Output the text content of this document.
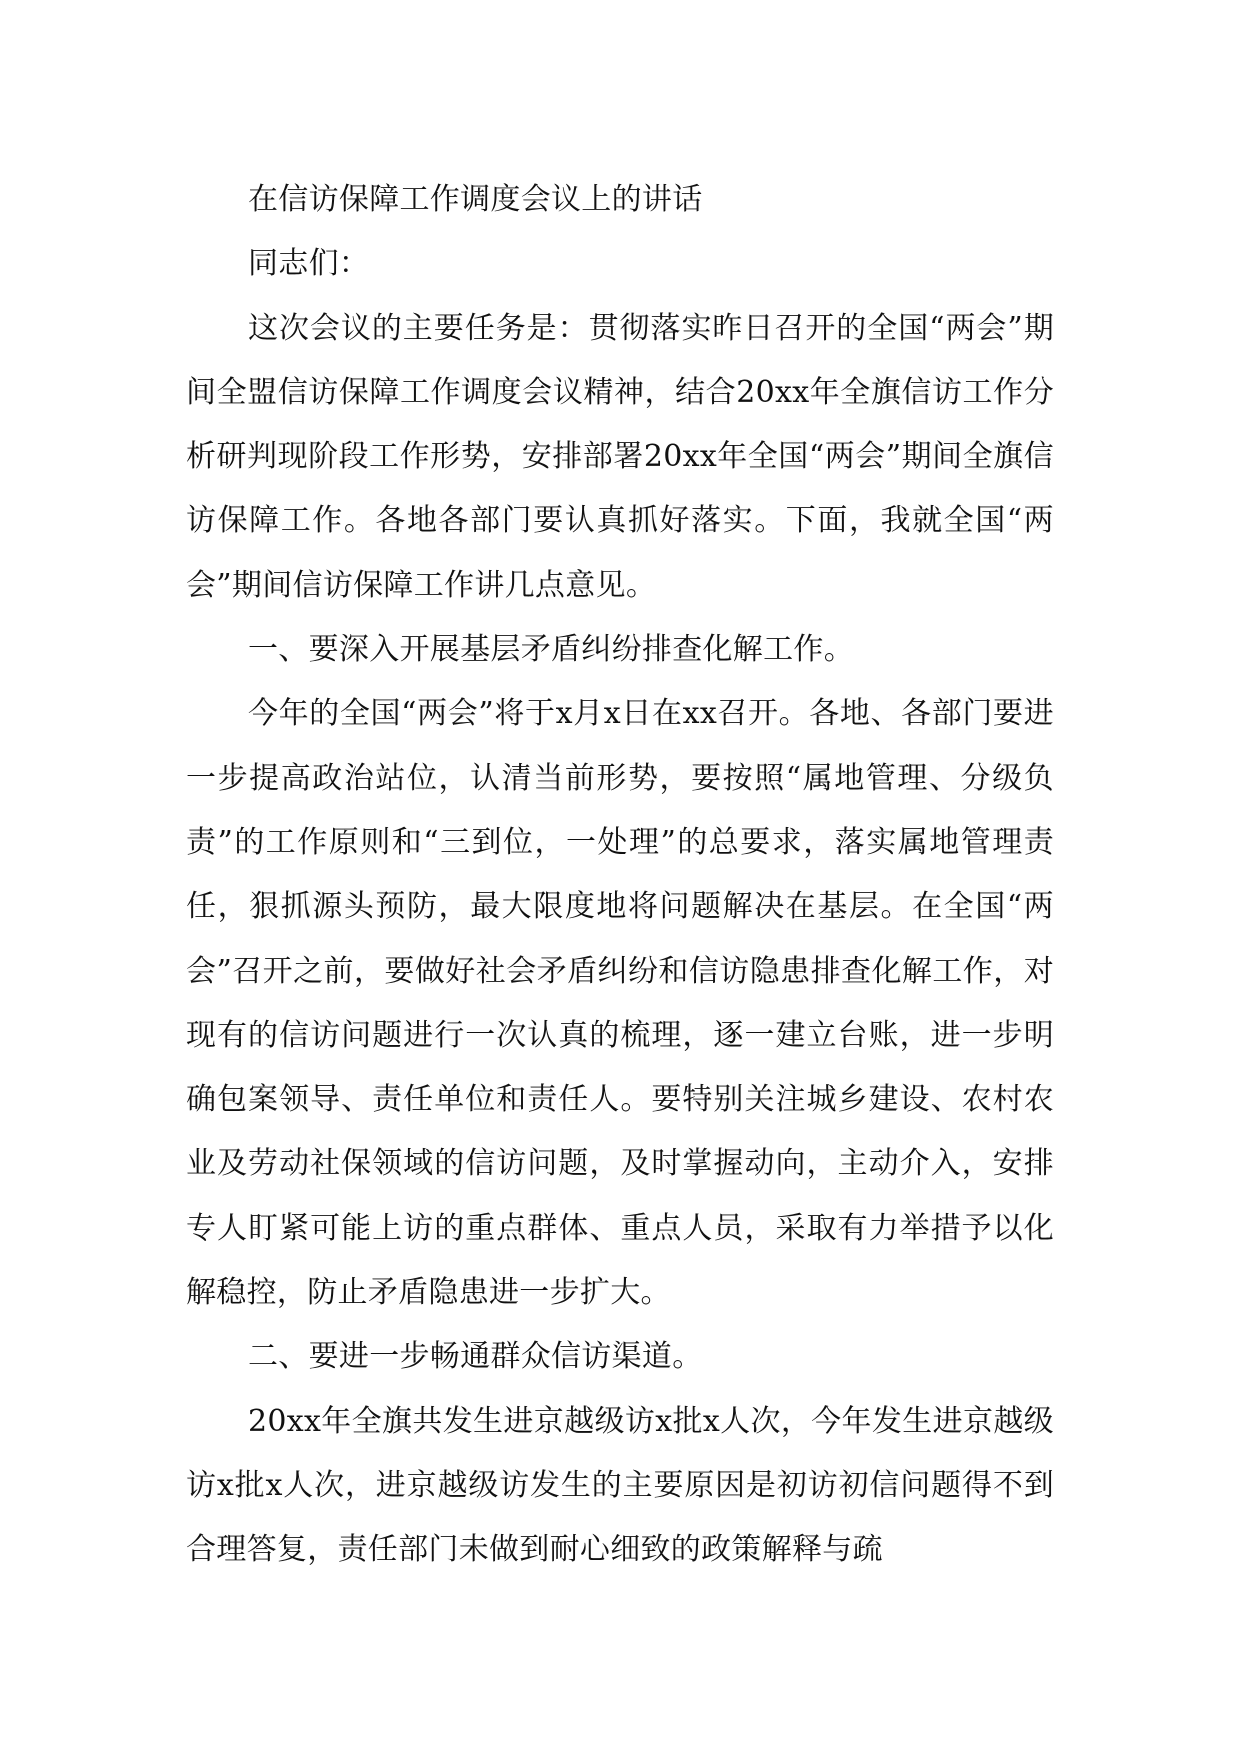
在信访保障工作调度会议上的讲话

同志们：

这次会议的主要任务是：贯彻落实昨日召开的全国“两会”期间全盟信访保障工作调度会议精神，结合20xx年全旗信访工作分析研判现阶段工作形势，安排部署20xx年全国“两会”期间全旗信访保障工作。各地各部门要认真抓好落实。下面，我就全国“两会”期间信访保障工作讲几点意见。

一、要深入开展基层矛盾纠纷排查化解工作。

今年的全国“两会”将于x月x日在xx召开。各地、各部门要进一步提高政治站位，认清当前形势，要按照“属地管理、分级负责”的工作原则和“三到位，一处理”的总要求，落实属地管理责任，狠抓源头预防，最大限度地将问题解决在基层。在全国“两会”召开之前，要做好社会矛盾纠纷和信访隐患排查化解工作，对现有的信访问题进行一次认真的梳理，逐一建立台账，进一步明确包案领导、责任单位和责任人。要特别关注城乡建设、农村农业及劳动社保领域的信访问题，及时掌握动向，主动介入，安排专人盯紧可能上访的重点群体、重点人员，采取有力举措予以化解稳控，防止矛盾隐患进一步扩大。

二、要进一步畅通群众信访渠道。

20xx年全旗共发生进京越级访x批x人次，今年发生进京越级访x批x人次，进京越级访发生的主要原因是初访初信问题得不到合理答复，责任部门未做到耐心细致的政策解释与疏
